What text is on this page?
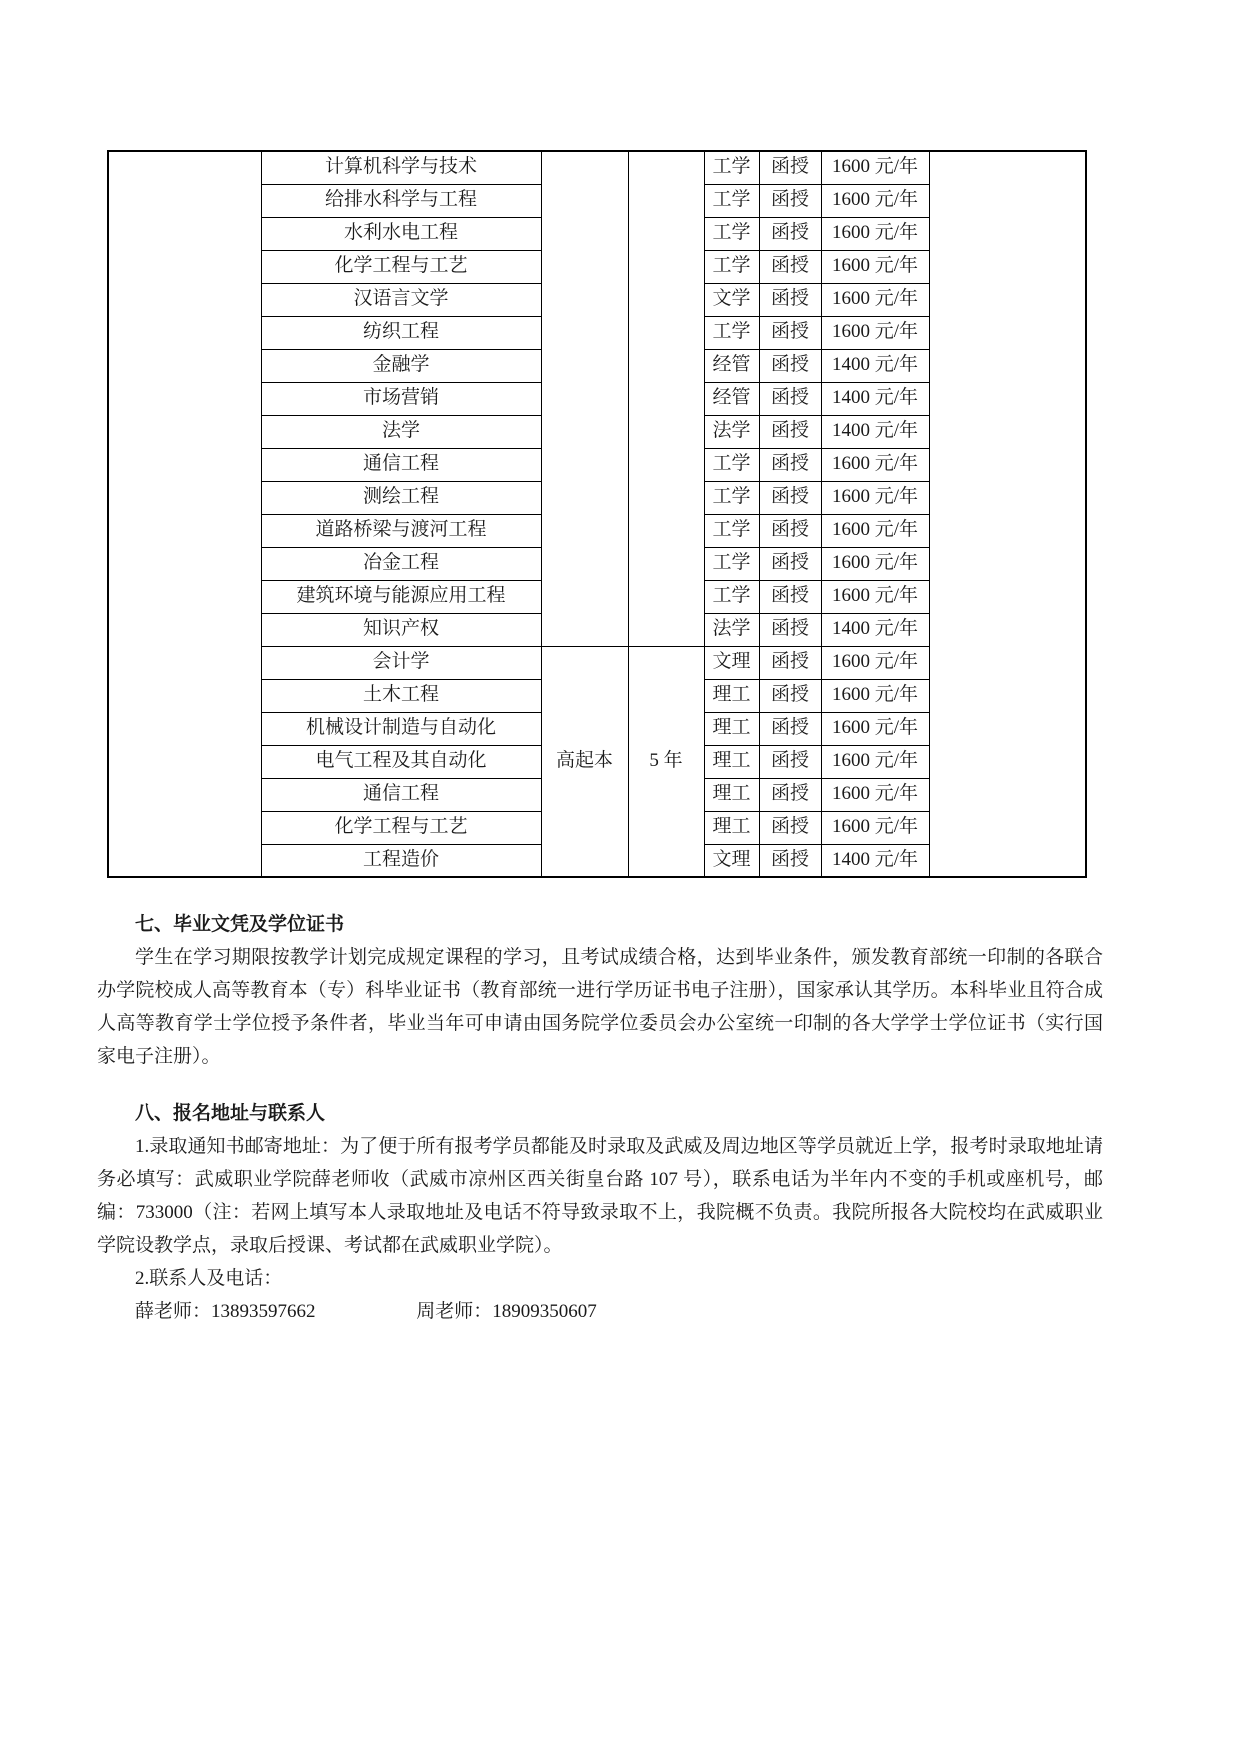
	计算机科学与技术			工学	函授	1600 元/年	
	给排水科学与工程			工学	函授	1600 元/年	
	水利水电工程			工学	函授	1600 元/年	
	化学工程与工艺			工学	函授	1600 元/年	
	汉语言文学			文学	函授	1600 元/年	
	纺织工程			工学	函授	1600 元/年	
	金融学			经管	函授	1400 元/年	
	市场营销			经管	函授	1400 元/年	
	法学			法学	函授	1400 元/年	
	通信工程			工学	函授	1600 元/年	
	测绘工程			工学	函授	1600 元/年	
	道路桥梁与渡河工程			工学	函授	1600 元/年	
	冶金工程			工学	函授	1600 元/年	
	建筑环境与能源应用工程			工学	函授	1600 元/年	
	知识产权			法学	函授	1400 元/年	
	会计学	高起本	5 年	文理	函授	1600 元/年	
	土木工程			理工	函授	1600 元/年	
	机械设计制造与自动化			理工	函授	1600 元/年	
	电气工程及其自动化			理工	函授	1600 元/年	
	通信工程			理工	函授	1600 元/年	
	化学工程与工艺			理工	函授	1600 元/年	
	工程造价			文理	函授	1400 元/年	
七、毕业文凭及学位证书
学生在学习期限按教学计划完成规定课程的学习，且考试成绩合格，达到毕业条件，颁发教育部统一印制的各联合办学院校成人高等教育本（专）科毕业证书（教育部统一进行学历证书电子注册），国家承认其学历。本科毕业且符合成人高等教育学士学位授予条件者，毕业当年可申请由国务院学位委员会办公室统一印制的各大学学士学位证书（实行国家电子注册）。
八、报名地址与联系人
1.录取通知书邮寄地址：为了便于所有报考学员都能及时录取及武威及周边地区等学员就近上学，报考时录取地址请务必填写：武威职业学院薛老师收（武威市凉州区西关街皇台路 107 号），联系电话为半年内不变的手机或座机号，邮编：733000（注：若网上填写本人录取地址及电话不符导致录取不上，我院概不负责。我院所报各大院校均在武威职业学院设教学点，录取后授课、考试都在武威职业学院）。
2.联系人及电话：
薛老师：13893597662	周老师：18909350607
